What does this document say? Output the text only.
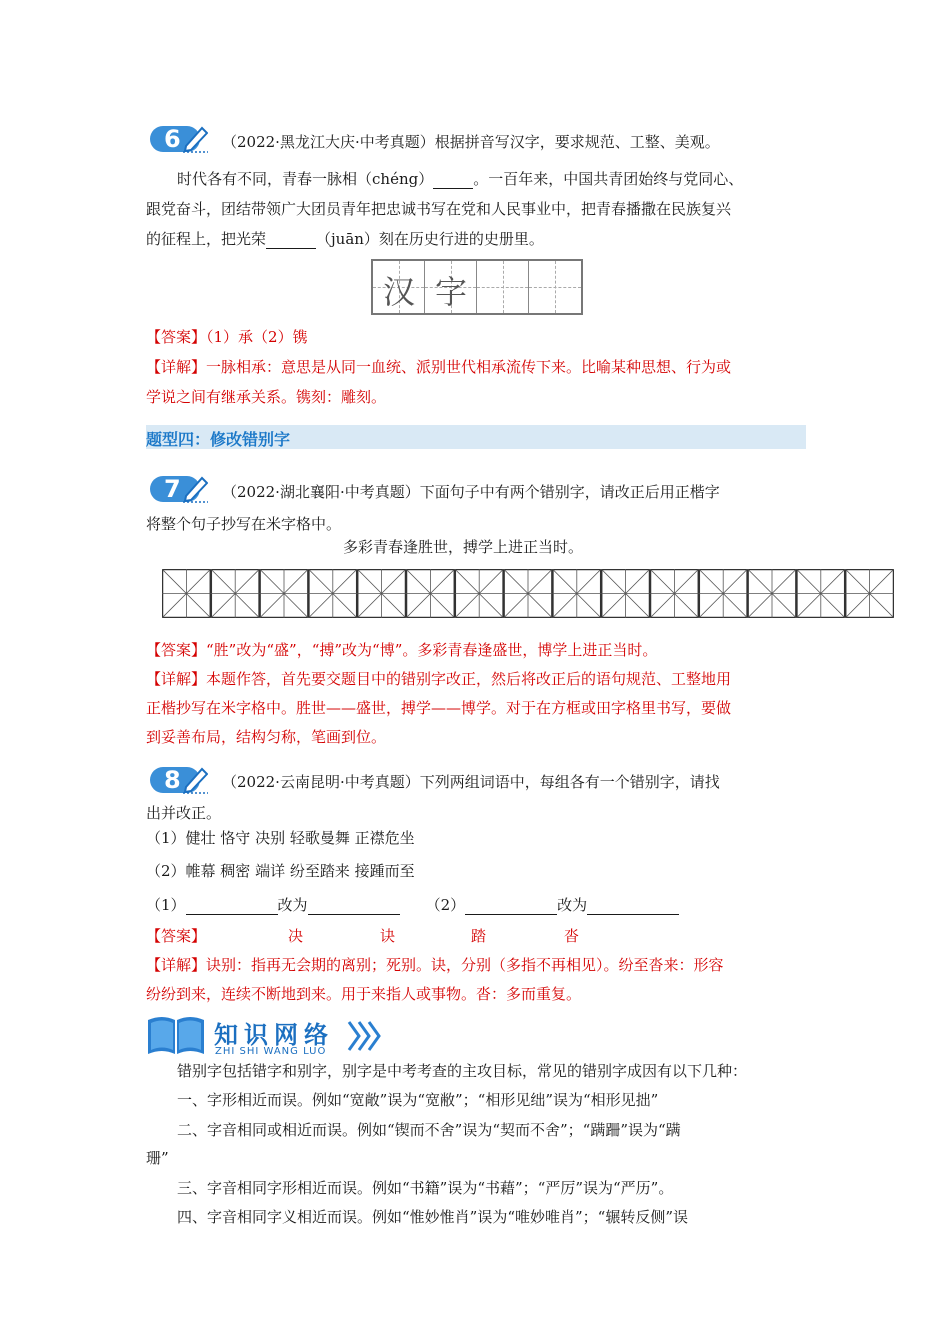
6	（2022·黑龙江大庆·中考真题）根据拼音写汉字，要求规范、工整、美观。
时代各有不同，青春一脉相（chéng）	。一百年来，中国共青团始终与党同心、
跟党奋斗，团结带领广大团员青年把忠诚书写在党和人民事业中，把青春播撒在民族复兴
的征程上，把光荣	（juān）刻在历史行进的史册里。
汉 字
【答案】（1）承（2）镌
【详解】一脉相承：意思是从同一血统、派别世代相承流传下来。比喻某种思想、行为或
学说之间有继承关系。镌刻：雕刻。
题型四：修改错别字
7	（2022·湖北襄阳·中考真题）下面句子中有两个错别字，请改正后用正楷字
将整个句子抄写在米字格中。
多彩青春逢胜世，搏学上进正当时。
【答案】“胜”改为“盛”，“搏”改为“博”。多彩青春逢盛世，博学上进正当时。
【详解】本题作答，首先要交题目中的错别字改正，然后将改正后的语句规范、工整地用
正楷抄写在米字格中。胜世——盛世，搏学——博学。对于在方框或田字格里书写，要做
到妥善布局，结构匀称，笔画到位。
8	（2022·云南昆明·中考真题）下列两组词语中，每组各有一个错别字，请找
出并改正。
（1）健壮 恪守 决别 轻歌曼舞 正襟危坐
（2）帷幕 稠密 端详 纷至踏来 接踵而至
（1）	改为	（2）	改为
【答案】	决	诀	踏	沓
【详解】诀别：指再无会期的离别；死别。诀，分别（多指不再相见）。纷至沓来：形容
纷纷到来，连续不断地到来。用于来指人或事物。沓：多而重复。
知识网络
ZHI SHI WANG LUO
错别字包括错字和别字，别字是中考考查的主攻目标，常见的错别字成因有以下几种：
一、字形相近而误。例如“宽敞”误为“宽敝”；“相形见绌”误为“相形见拙”
二、字音相同或相近而误。例如“锲而不舍”误为“契而不舍”；“蹒跚”误为“蹒
珊”
三、字音相同字形相近而误。例如“书籍”误为“书藉”；“严厉”误为“严历”。
四、字音相同字义相近而误。例如“惟妙惟肖”误为“唯妙唯肖”；“辗转反侧”误
